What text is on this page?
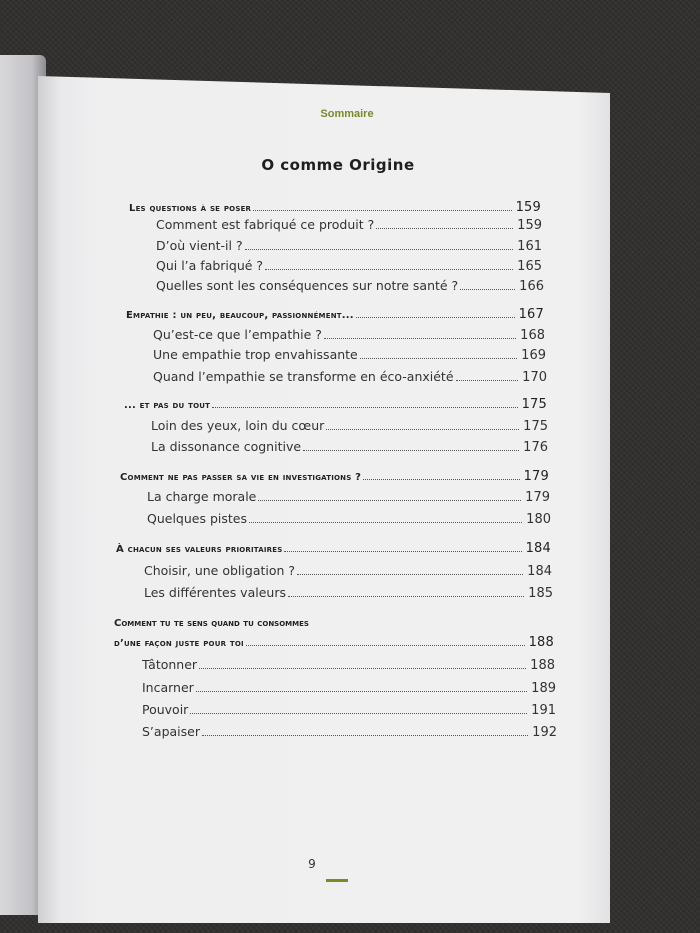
Sommaire
O comme Origine
Les questions à se poser	159
Comment est fabriqué ce produit ?	159
D’où vient-il ?	161
Qui l’a fabriqué ?	165
Quelles sont les conséquences sur notre santé ?	166
Empathie : un peu, beaucoup, passionnément...	167
Qu’est-ce que l’empathie ?	168
Une empathie trop envahissante	169
Quand l’empathie se transforme en éco-anxiété	170
... et pas du tout	175
Loin des yeux, loin du cœur	175
La dissonance cognitive	176
Comment ne pas passer sa vie en investigations ?	179
La charge morale	179
Quelques pistes	180
À chacun ses valeurs prioritaires	184
Choisir, une obligation ?	184
Les différentes valeurs	185
Comment tu te sens quand tu consommes
d’une façon juste pour toi	188
Tâtonner	188
Incarner	189
Pouvoir	191
S’apaiser	192
9
